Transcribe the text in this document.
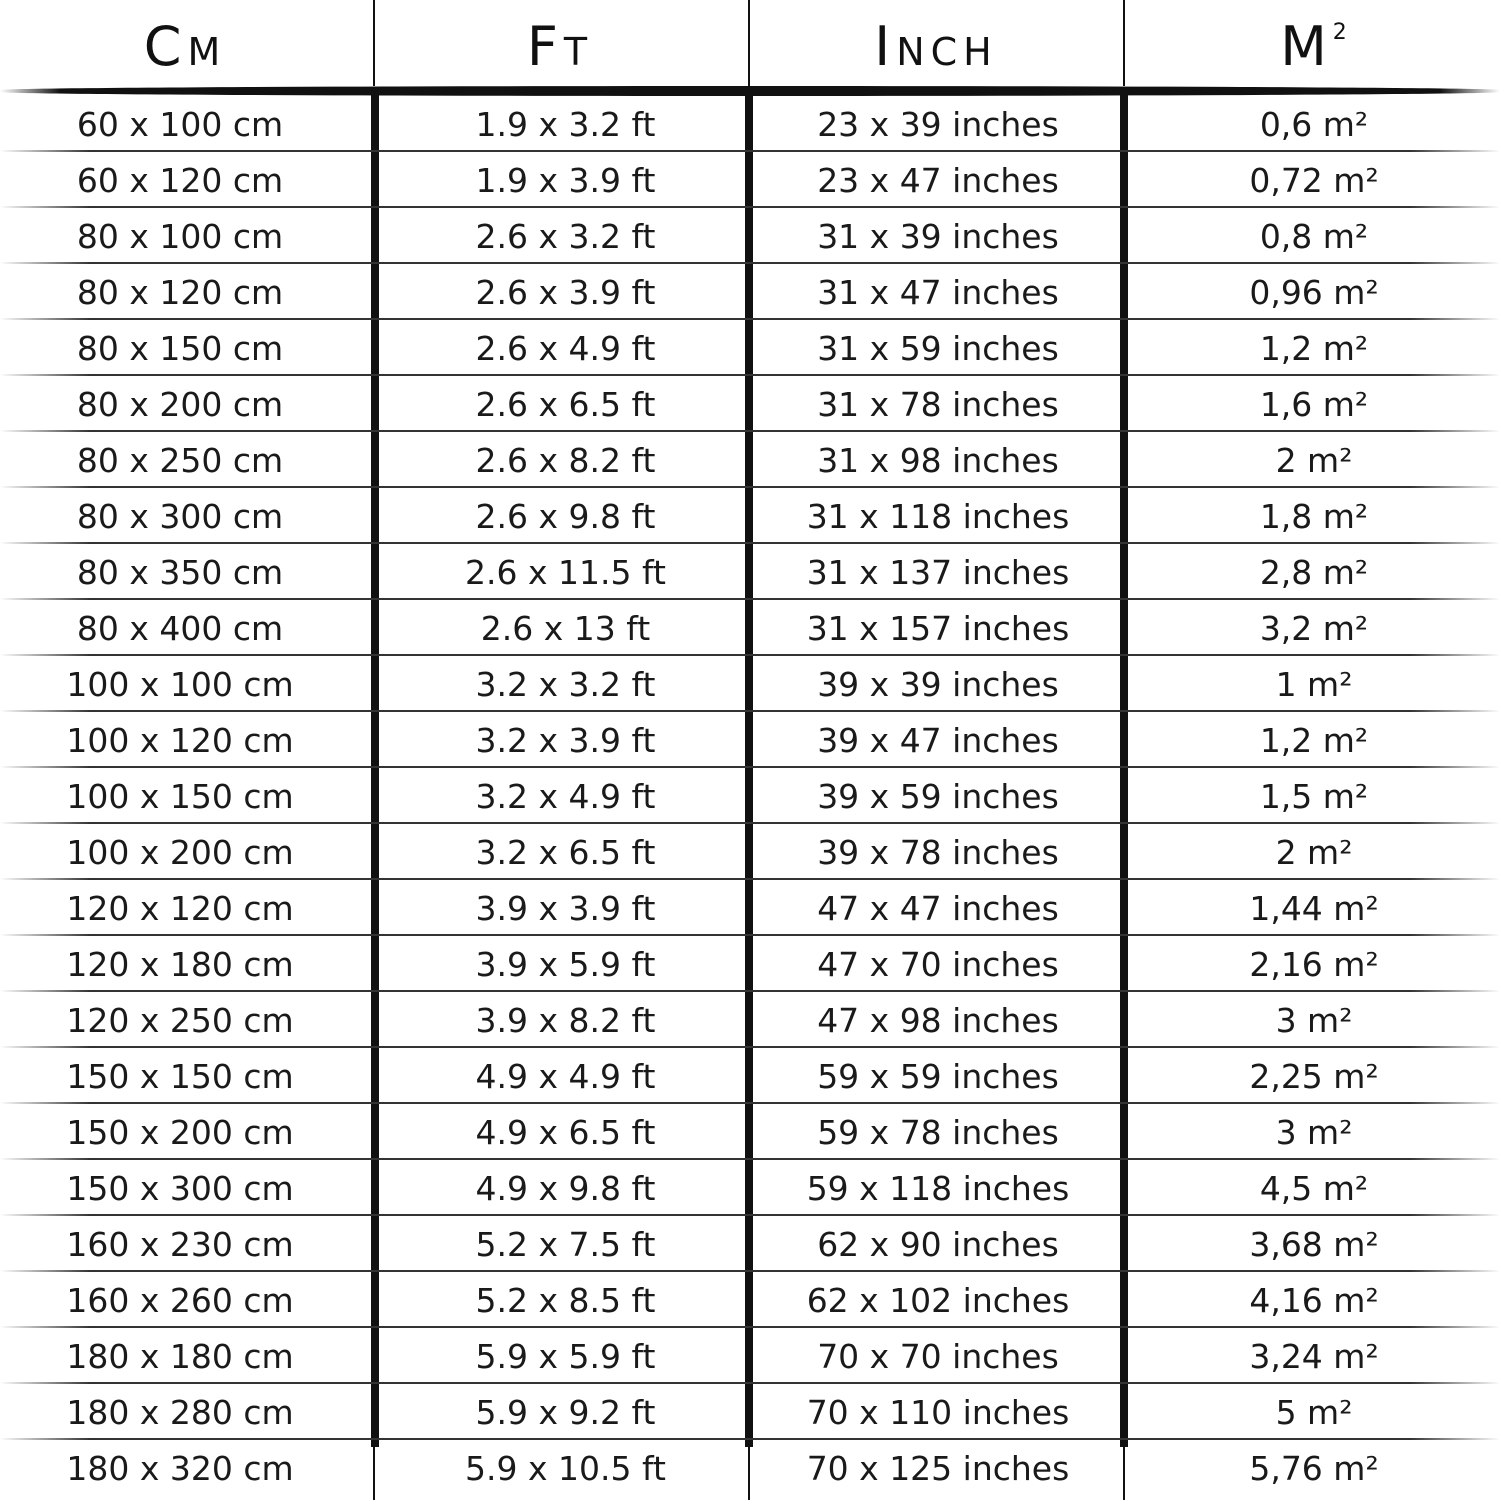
Cm	Ft	Inch	$M^2$
60 x 100 cm	1.9 x 3.2 ft	23 x 39 inches	0,6 m²
60 x 120 cm	1.9 x 3.9 ft	23 x 47 inches	0,72 m²
80 x 100 cm	2.6 x 3.2 ft	31 x 39 inches	0,8 m²
80 x 120 cm	2.6 x 3.9 ft	31 x 47 inches	0,96 m²
80 x 150 cm	2.6 x 4.9 ft	31 x 59 inches	1,2 m²
80 x 200 cm	2.6 x 6.5 ft	31 x 78 inches	1,6 m²
80 x 250 cm	2.6 x 8.2 ft	31 x 98 inches	2 m²
80 x 300 cm	2.6 x 9.8 ft	31 x 118 inches	1,8 m²
80 x 350 cm	2.6 x 11.5 ft	31 x 137 inches	2,8 m²
80 x 400 cm	2.6 x 13 ft	31 x 157 inches	3,2 m²
100 x 100 cm	3.2 x 3.2 ft	39 x 39 inches	1 m²
100 x 120 cm	3.2 x 3.9 ft	39 x 47 inches	1,2 m²
100 x 150 cm	3.2 x 4.9 ft	39 x 59 inches	1,5 m²
100 x 200 cm	3.2 x 6.5 ft	39 x 78 inches	2 m²
120 x 120 cm	3.9 x 3.9 ft	47 x 47 inches	1,44 m²
120 x 180 cm	3.9 x 5.9 ft	47 x 70 inches	2,16 m²
120 x 250 cm	3.9 x 8.2 ft	47 x 98 inches	3 m²
150 x 150 cm	4.9 x 4.9 ft	59 x 59 inches	2,25 m²
150 x 200 cm	4.9 x 6.5 ft	59 x 78 inches	3 m²
150 x 300 cm	4.9 x 9.8 ft	59 x 118 inches	4,5 m²
160 x 230 cm	5.2 x 7.5 ft	62 x 90 inches	3,68 m²
160 x 260 cm	5.2 x 8.5 ft	62 x 102 inches	4,16 m²
180 x 180 cm	5.9 x 5.9 ft	70 x 70 inches	3,24 m²
180 x 280 cm	5.9 x 9.2 ft	70 x 110 inches	5 m²
180 x 320 cm	5.9 x 10.5 ft	70 x 125 inches	5,76 m²
